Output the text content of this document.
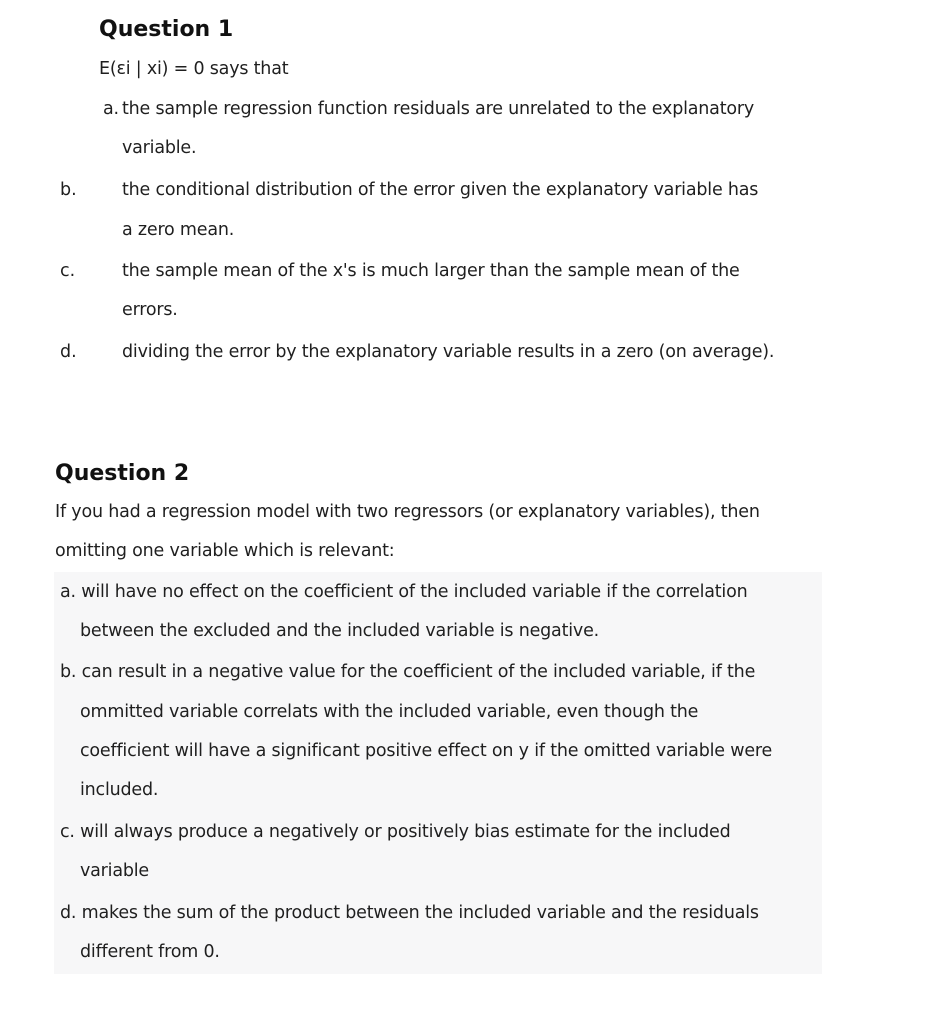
Question 1
E(εi | xi) = 0 says that
a. the sample regression function residuals are unrelated to the explanatory
variable.
b.	the conditional distribution of the error given the explanatory variable has
a zero mean.
c.	the sample mean of the x's is much larger than the sample mean of the
errors.
d.	dividing the error by the explanatory variable results in a zero (on average).
Question 2
If you had a regression model with two regressors (or explanatory variables), then
omitting one variable which is relevant:
a. will have no effect on the coefficient of the included variable if the correlation
between the excluded and the included variable is negative.
b. can result in a negative value for the coefficient of the included variable, if the
ommitted variable correlats with the included variable, even though the
coefficient will have a significant positive effect on y if the omitted variable were
included.
c. will always produce a negatively or positively bias estimate for the included
variable
d. makes the sum of the product between the included variable and the residuals
different from 0.
